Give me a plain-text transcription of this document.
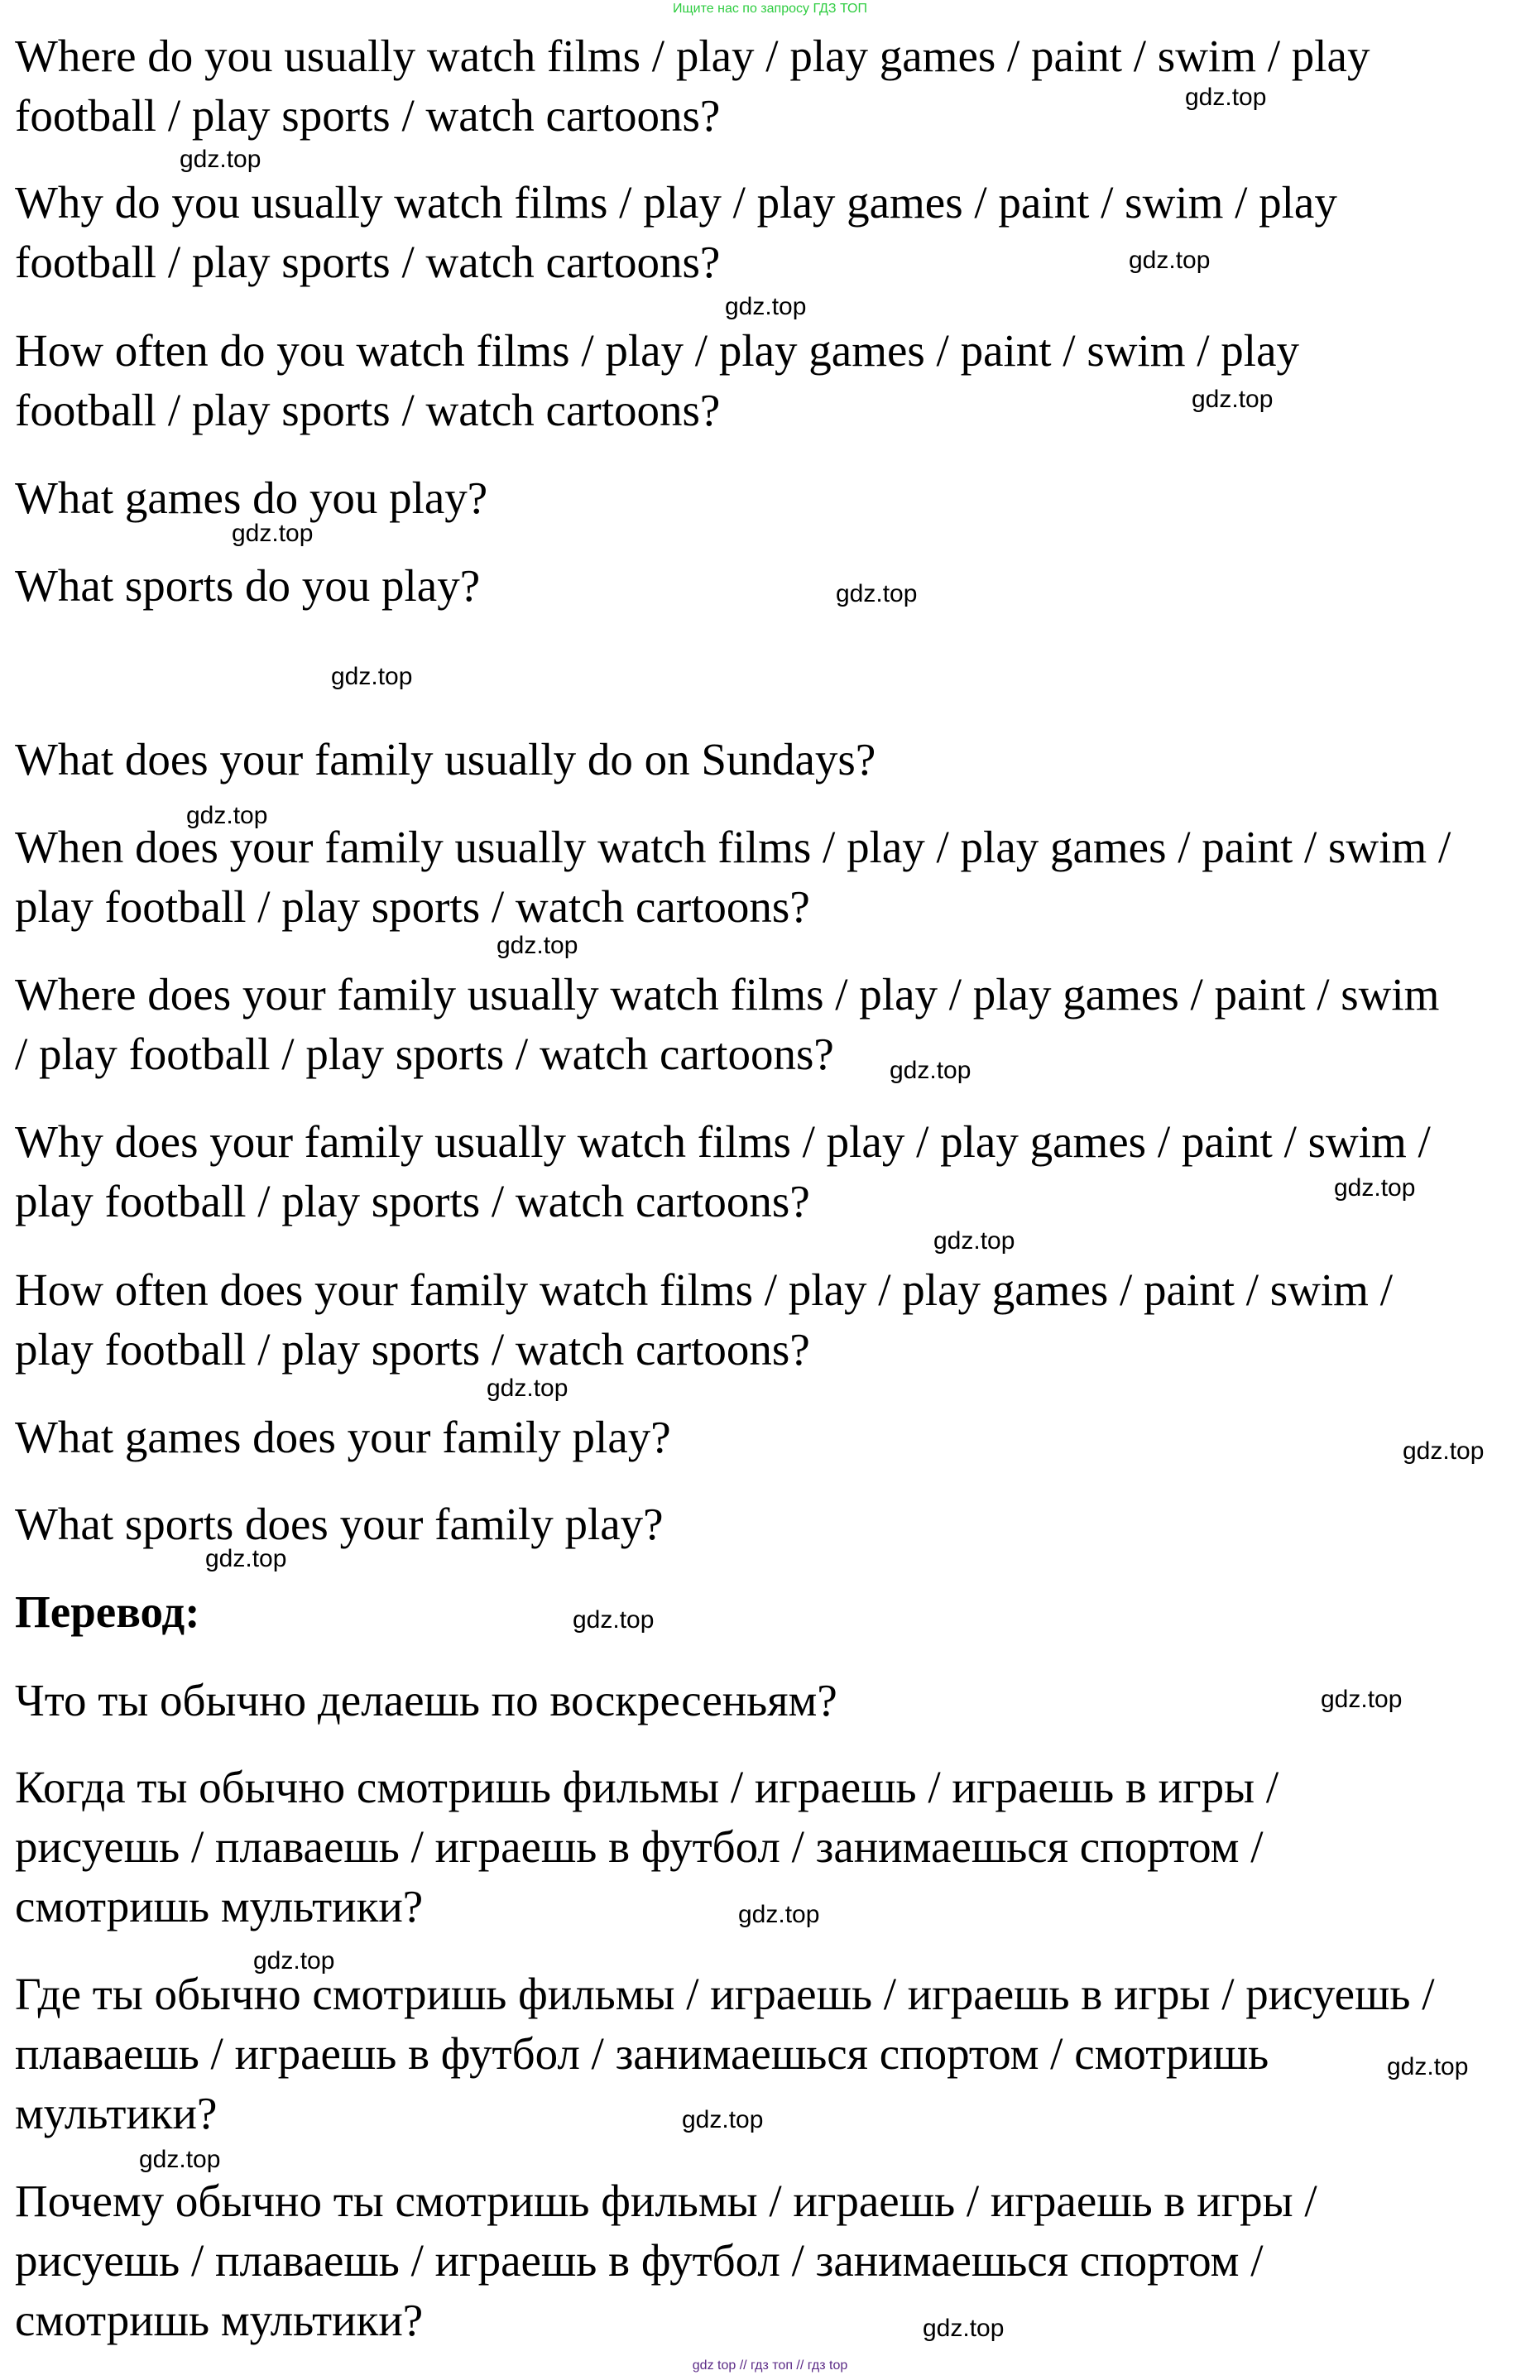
Ищите нас по запросу ГДЗ ТОП

Where do you usually watch films / play / play games / paint / swim / play

football / play sports / watch cartoons?

Why do you usually watch films / play / play games / paint / swim / play

football / play sports / watch cartoons?

How often do you watch films / play / play games / paint / swim / play

football / play sports / watch cartoons?

What games do you play?

What sports do you play?

What does your family usually do on Sundays?

When does your family usually watch films / play / play games / paint / swim /

play football / play sports / watch cartoons?

Where does your family usually watch films / play / play games / paint / swim

/ play football / play sports / watch cartoons?

Why does your family usually watch films / play / play games / paint / swim /

play football / play sports / watch cartoons?

How often does your family watch films / play / play games / paint / swim /

play football / play sports / watch cartoons?

What games does your family play?

What sports does your family play?

Перевод:

Что ты обычно делаешь по воскресеньям?

Когда ты обычно смотришь фильмы / играешь / играешь в игры /

рисуешь / плаваешь / играешь в футбол / занимаешься спортом /

смотришь мультики?

Где ты обычно смотришь фильмы / играешь / играешь в игры / рисуешь /

плаваешь / играешь в футбол / занимаешься спортом / смотришь

мультики?

Почему обычно ты смотришь фильмы / играешь / играешь в игры /

рисуешь / плаваешь / играешь в футбол / занимаешься спортом /

смотришь мультики?

gdz.top
gdz.top
gdz.top
gdz.top
gdz.top
gdz.top
gdz.top
gdz.top
gdz.top
gdz.top
gdz.top
gdz.top
gdz.top
gdz.top
gdz.top
gdz.top
gdz.top
gdz.top
gdz.top
gdz.top
gdz.top
gdz.top
gdz.top
gdz.top
gdz top // гдз топ // гдз top
